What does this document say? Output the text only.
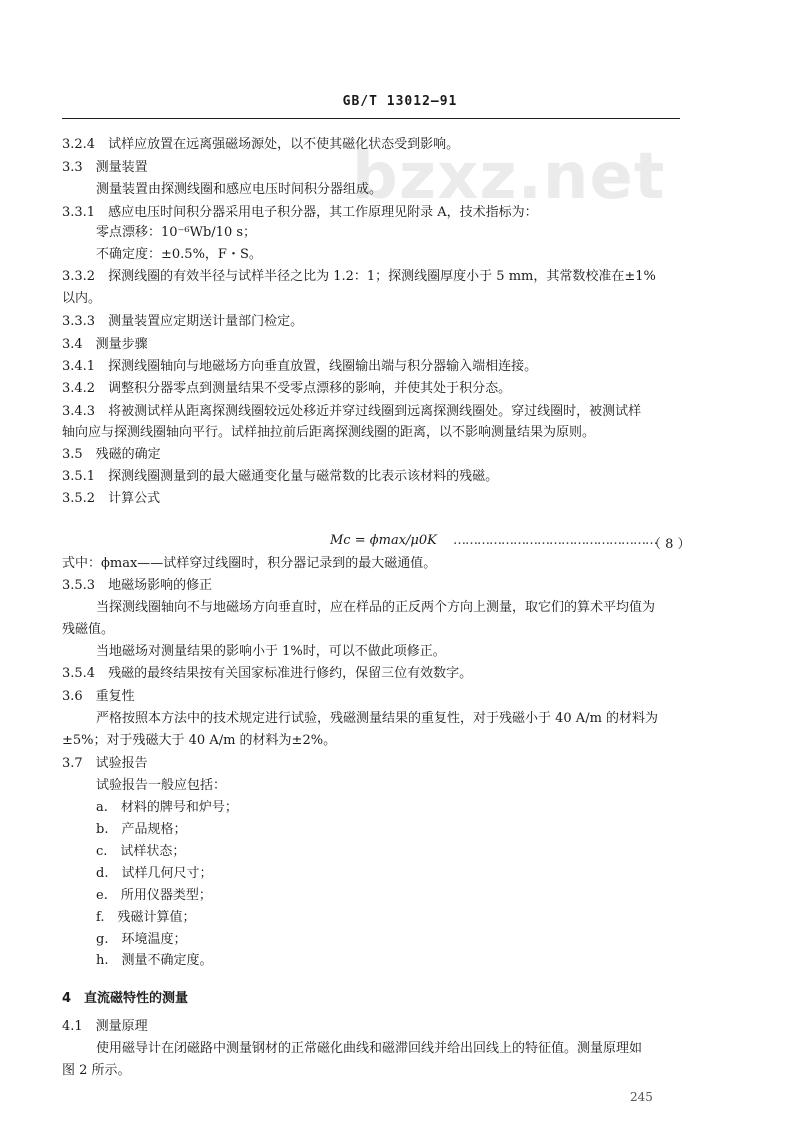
GB/T 13012—91
bzxz.net
3.2.4　试样应放置在远离强磁场源处，以不使其磁化状态受到影响。
3.3　测量装置
测量装置由探测线圈和感应电压时间积分器组成。
3.3.1　感应电压时间积分器采用电子积分器，其工作原理见附录 A，技术指标为：
零点漂移：10⁻⁶Wb/10 s；
不确定度：±0.5%，F・S。
3.3.2　探测线圈的有效半径与试样半径之比为 1.2：1；探测线圈厚度小于 5 mm，其常数校准在±1%
以内。
3.3.3　测量装置应定期送计量部门检定。
3.4　测量步骤
3.4.1　探测线圈轴向与地磁场方向垂直放置，线圈输出端与积分器输入端相连接。
3.4.2　调整积分器零点到测量结果不受零点漂移的影响，并使其处于积分态。
3.4.3　将被测试样从距离探测线圈较远处移近并穿过线圈到远离探测线圈处。穿过线圈时，被测试样
轴向应与探测线圈轴向平行。试样抽拉前后距离探测线圈的距离，以不影响测量结果为原则。
3.5　残磁的确定
3.5.1　探测线圈测量到的最大磁通变化量与磁常数的比表示该材料的残磁。
3.5.2　计算公式
Mc = ϕmax/μ0K ……………………………………………
（ 8 ）
式中：ϕmax——试样穿过线圈时，积分器记录到的最大磁通值。
3.5.3　地磁场影响的修正
当探测线圈轴向不与地磁场方向垂直时，应在样品的正反两个方向上测量，取它们的算术平均值为
残磁值。
当地磁场对测量结果的影响小于 1%时，可以不做此项修正。
3.5.4　残磁的最终结果按有关国家标准进行修约，保留三位有效数字。
3.6　重复性
严格按照本方法中的技术规定进行试验，残磁测量结果的重复性，对于残磁小于 40 A/m 的材料为
±5%；对于残磁大于 40 A/m 的材料为±2%。
3.7　试验报告
试验报告一般应包括：
a.　材料的牌号和炉号；
b.　产品规格；
c.　试样状态；
d.　试样几何尺寸；
e.　所用仪器类型；
f.　残磁计算值；
g.　环境温度；
h.　测量不确定度。
4　直流磁特性的测量
4.1　测量原理
使用磁导计在闭磁路中测量钢材的正常磁化曲线和磁滞回线并给出回线上的特征值。测量原理如
图 2 所示。
245
